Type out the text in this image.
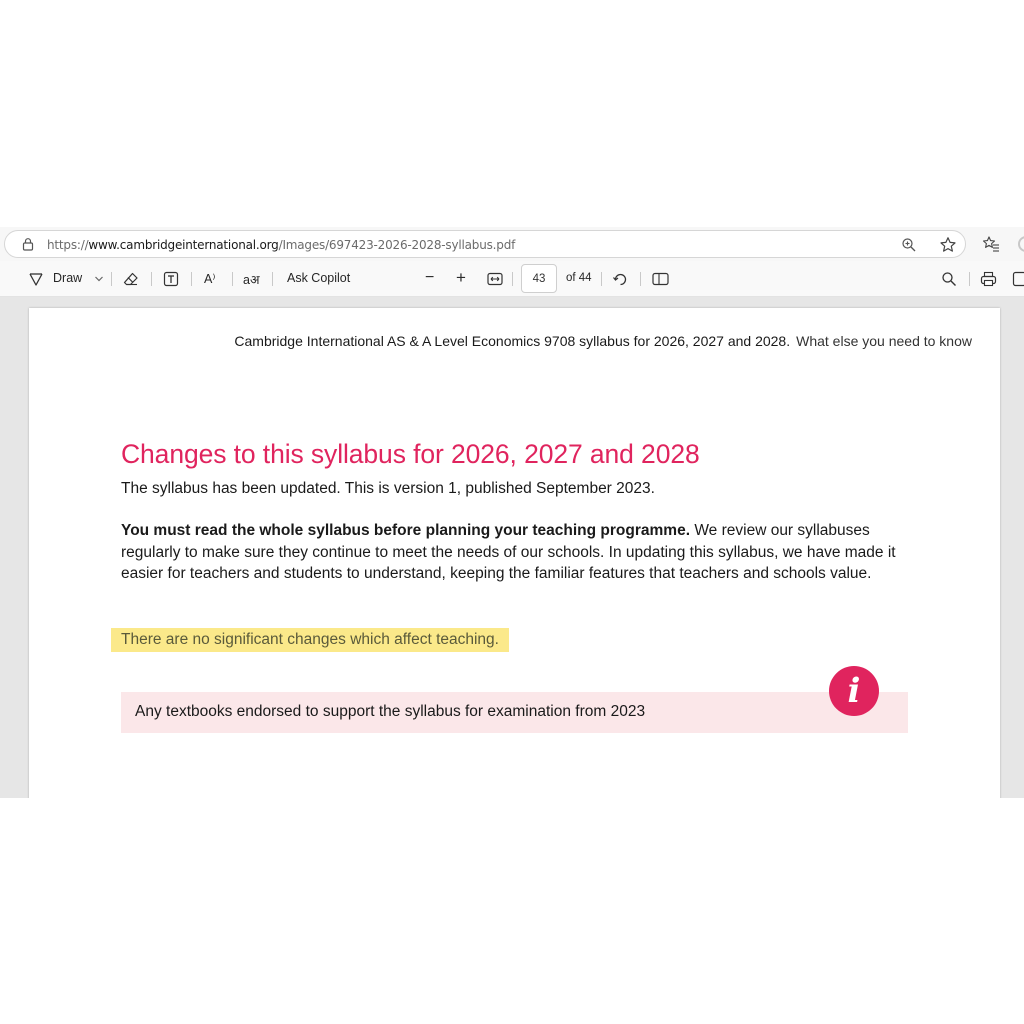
https://www.cambridgeinternational.org/Images/697423-2026-2028-syllabus.pdf
Draw	A⁾ aअ Ask Copilot	− +	43	of 44
Cambridge International AS & A Level Economics 9708 syllabus for 2026, 2027 and 2028. What else you need to know
Changes to this syllabus for 2026, 2027 and 2028
The syllabus has been updated. This is version 1, published September 2023.
You must read the whole syllabus before planning your teaching programme. We review our syllabuses regularly to make sure they continue to meet the needs of our schools. In updating this syllabus, we have made it easier for teachers and students to understand, keeping the familiar features that teachers and schools value.
There are no significant changes which affect teaching.
Any textbooks endorsed to support the syllabus for examination from 2023
i
